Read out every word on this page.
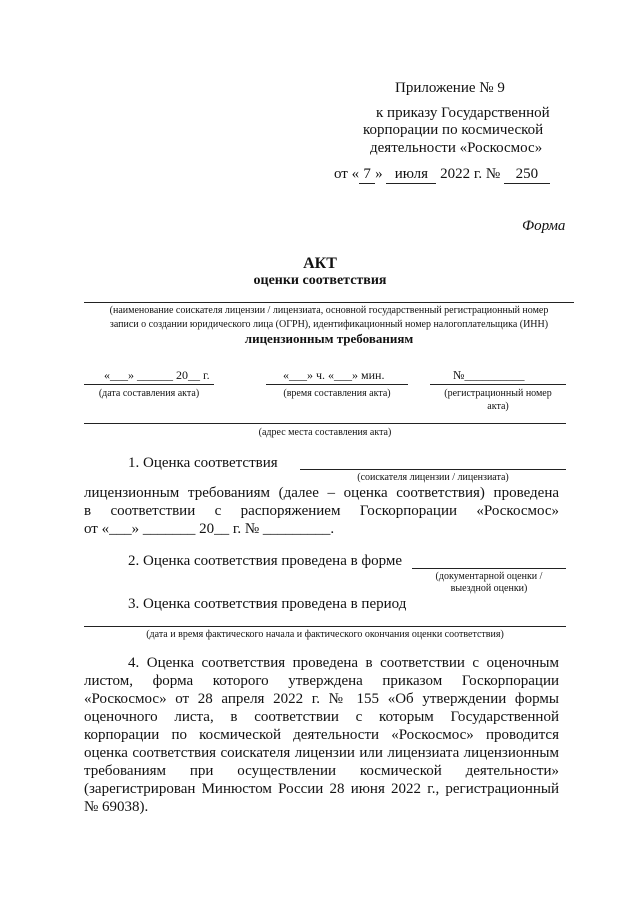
Приложение № 9
к приказу Государственной
корпорации по космической
деятельности «Роскосмос»
от « 7 » июля 2022 г. № 250
Форма
АКТ
оценки соответствия
(наименование соискателя лицензии / лицензиата, основной государственный регистрационный номер
записи о создании юридического лица (ОГРН), идентификационный номер налогоплательщика (ИНН)
лицензионным требованиям
«___» ______ 20__ г.	«___» ч. «___» мин.	№__________
(дата составления акта)	(время составления акта)	(регистрационный номер
акта)
(адрес места составления акта)
1. Оценка соответствия
(соискателя лицензии / лицензиата)
лицензионным требованиям (далее – оценка соответствия) проведена
в соответствии с распоряжением Госкорпорации «Роскосмос»
от «___» _______ 20__ г. № _________.
2. Оценка соответствия проведена в форме
(документарной оценки /
выездной оценки)
3. Оценка соответствия проведена в период
(дата и время фактического начала и фактического окончания оценки соответствия)
4. Оценка соответствия проведена в соответствии с оценочным
листом, форма которого утверждена приказом Госкорпорации
«Роскосмос» от 28 апреля 2022 г. № 155 «Об утверждении формы
оценочного листа, в соответствии с которым Государственной
корпорации по космической деятельности «Роскосмос» проводится
оценка соответствия соискателя лицензии или лицензиата лицензионным
требованиям при осуществлении космической деятельности»
(зарегистрирован Минюстом России 28 июня 2022 г., регистрационный
№ 69038).
